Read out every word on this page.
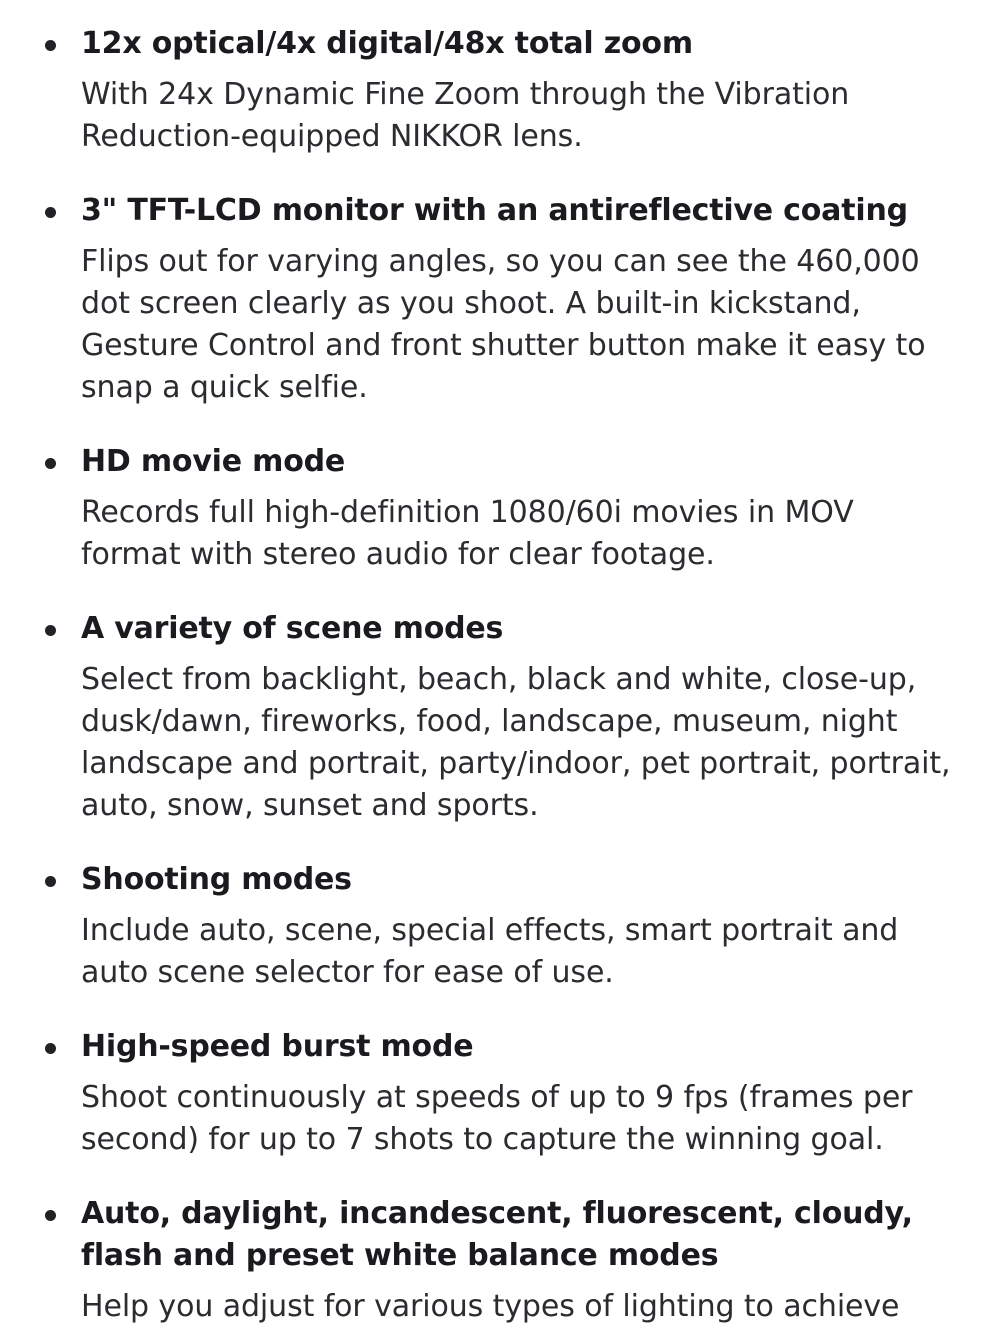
12x optical/4x digital/48x total zoom

With 24x Dynamic Fine Zoom through the Vibration Reduction-equipped NIKKOR lens.

3" TFT-LCD monitor with an antireflective coating

Flips out for varying angles, so you can see the 460,000 dot screen clearly as you shoot. A built-in kickstand, Gesture Control and front shutter button make it easy to snap a quick selfie.

HD movie mode

Records full high-definition 1080/60i movies in MOV format with stereo audio for clear footage.

A variety of scene modes

Select from backlight, beach, black and white, close-up, dusk/dawn, fireworks, food, landscape, museum, night landscape and portrait, party/indoor, pet portrait, portrait, auto, snow, sunset and sports.

Shooting modes

Include auto, scene, special effects, smart portrait and auto scene selector for ease of use.

High-speed burst mode

Shoot continuously at speeds of up to 9 fps (frames per second) for up to 7 shots to capture the winning goal.

Auto, daylight, incandescent, fluorescent, cloudy, flash and preset white balance modes

Help you adjust for various types of lighting to achieve
